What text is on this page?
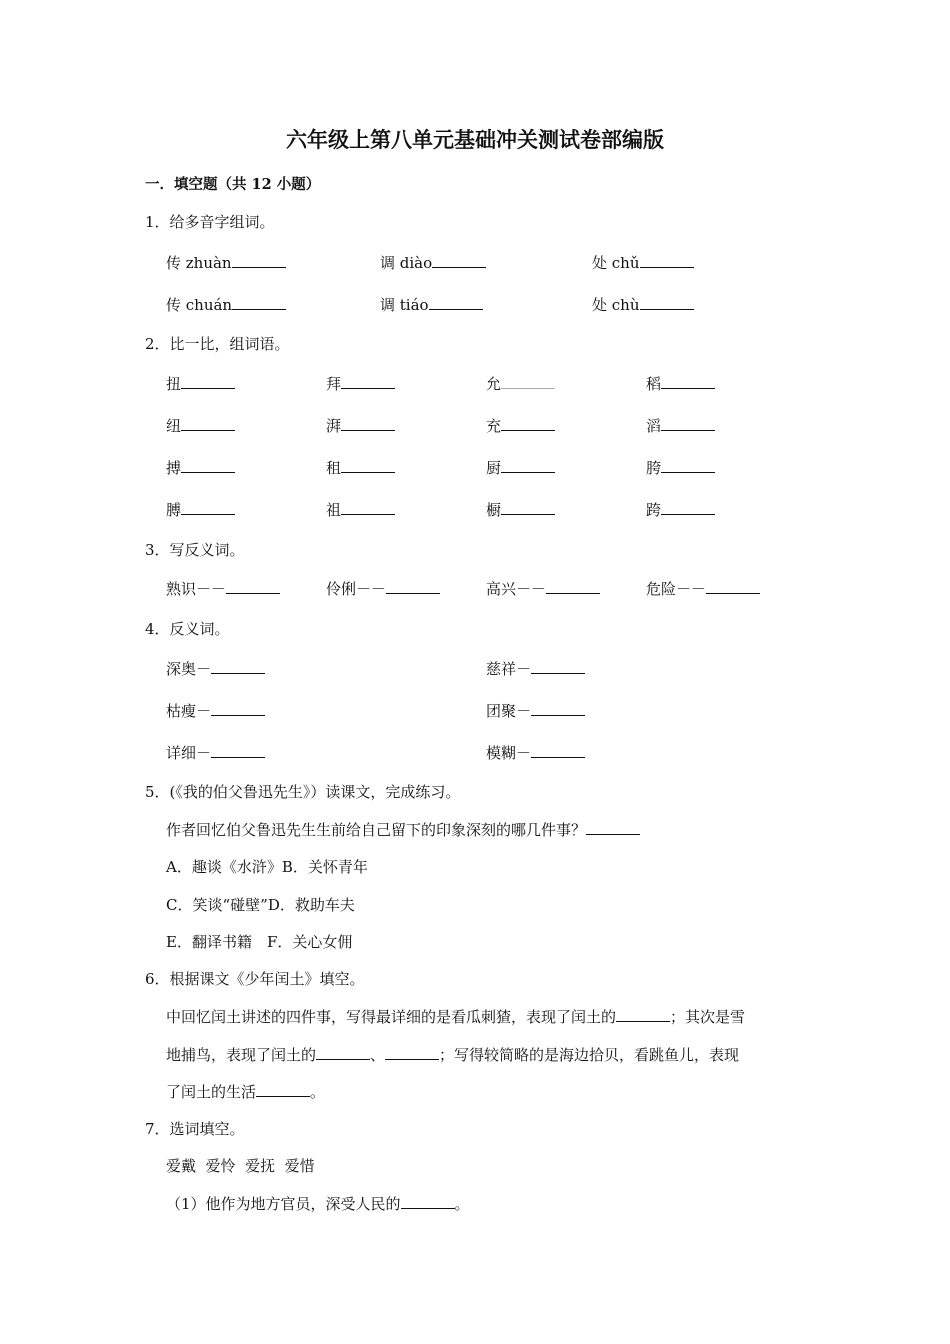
六年级上第八单元基础冲关测试卷部编版
一．填空题（共 12 小题）
1．给多音字组词。
传 zhuàn	调 diào	处 chǔ
传 chuán	调 tiáo	处 chù
2．比一比，组词语。
扭	拜	允	稻
纽	湃	充	滔
搏	租	厨	胯
膊	祖	橱	跨
3．写反义词。
熟识－－	伶俐－－	高兴－－	危险－－
4．反义词。
深奥－	慈祥－
枯瘦－	团聚－
详细－	模糊－
5．(《我的伯父鲁迅先生》）读课文，完成练习。
作者回忆伯父鲁迅先生生前给自己留下的印象深刻的哪几件事？
A．趣谈《水浒》B．关怀青年
C．笑谈“碰壁”D．救助车夫
E．翻译书籍　F．关心女佣
6．根据课文《少年闰土》填空。
中回忆闰土讲述的四件事，写得最详细的是看瓜刺猹，表现了闰土的	；其次是雪
地捕鸟，表现了闰土的	、	；写得较简略的是海边拾贝，看跳鱼儿，表现
了闰土的生活	。
7．选词填空。
爱戴  爱怜  爱抚  爱惜
（1）他作为地方官员，深受人民的	。
